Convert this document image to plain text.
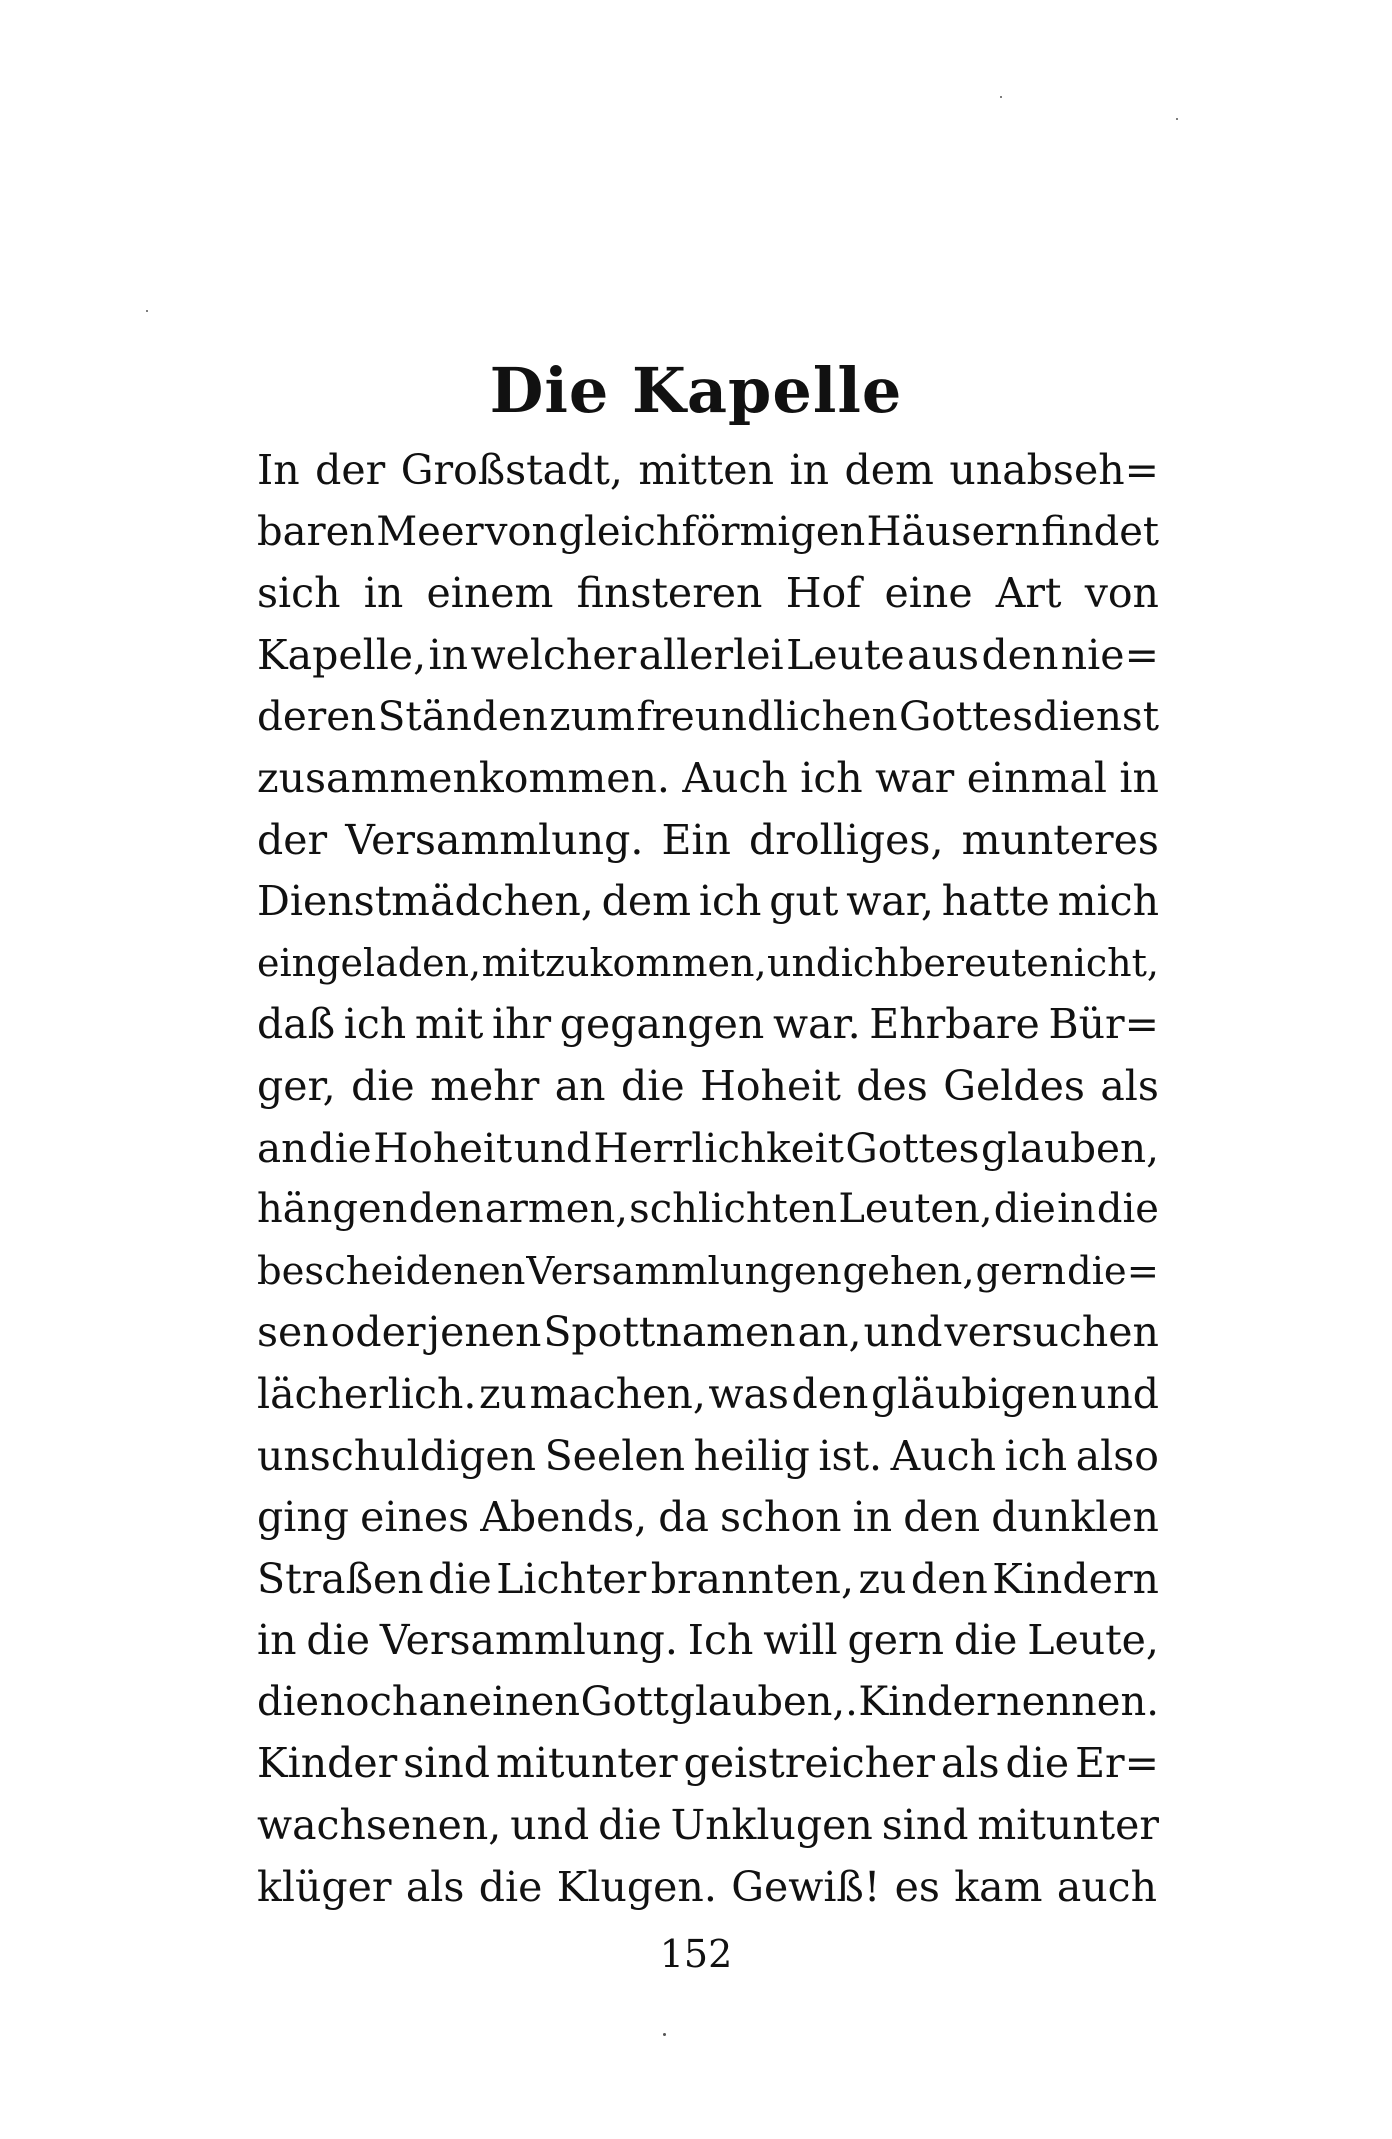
Die Kapelle
In der Großstadt, mitten in dem unabseh=
baren Meer von gleichförmigen Häusern findet
sich in einem finsteren Hof eine Art von
Kapelle, in welcher allerlei Leute aus den nie=
deren Ständen zum freundlichen Gottesdienst
zusammenkommen. Auch ich war einmal in
der Versammlung. Ein drolliges, munteres
Dienstmädchen, dem ich gut war, hatte mich
eingeladen, mitzukommen, und ich bereute nicht,
daß ich mit ihr gegangen war. Ehrbare Bür=
ger, die mehr an die Hoheit des Geldes als
an die Hoheit und Herrlichkeit Gottes glauben,
hängen den armen, schlichten Leuten, die in die
bescheidenen Versammlungen gehen, gern die=
sen oder jenen Spottnamen an, und versuchen
lächerlich. zu machen, was den gläubigen und
unschuldigen Seelen heilig ist. Auch ich also
ging eines Abends, da schon in den dunklen
Straßen die Lichter brannten, zu den Kindern
in die Versammlung. Ich will gern die Leute,
die noch an einen Gott glauben,. Kinder nennen.
Kinder sind mitunter geistreicher als die Er=
wachsenen, und die Unklugen sind mitunter
klüger als die Klugen. Gewiß! es kam auch
152
